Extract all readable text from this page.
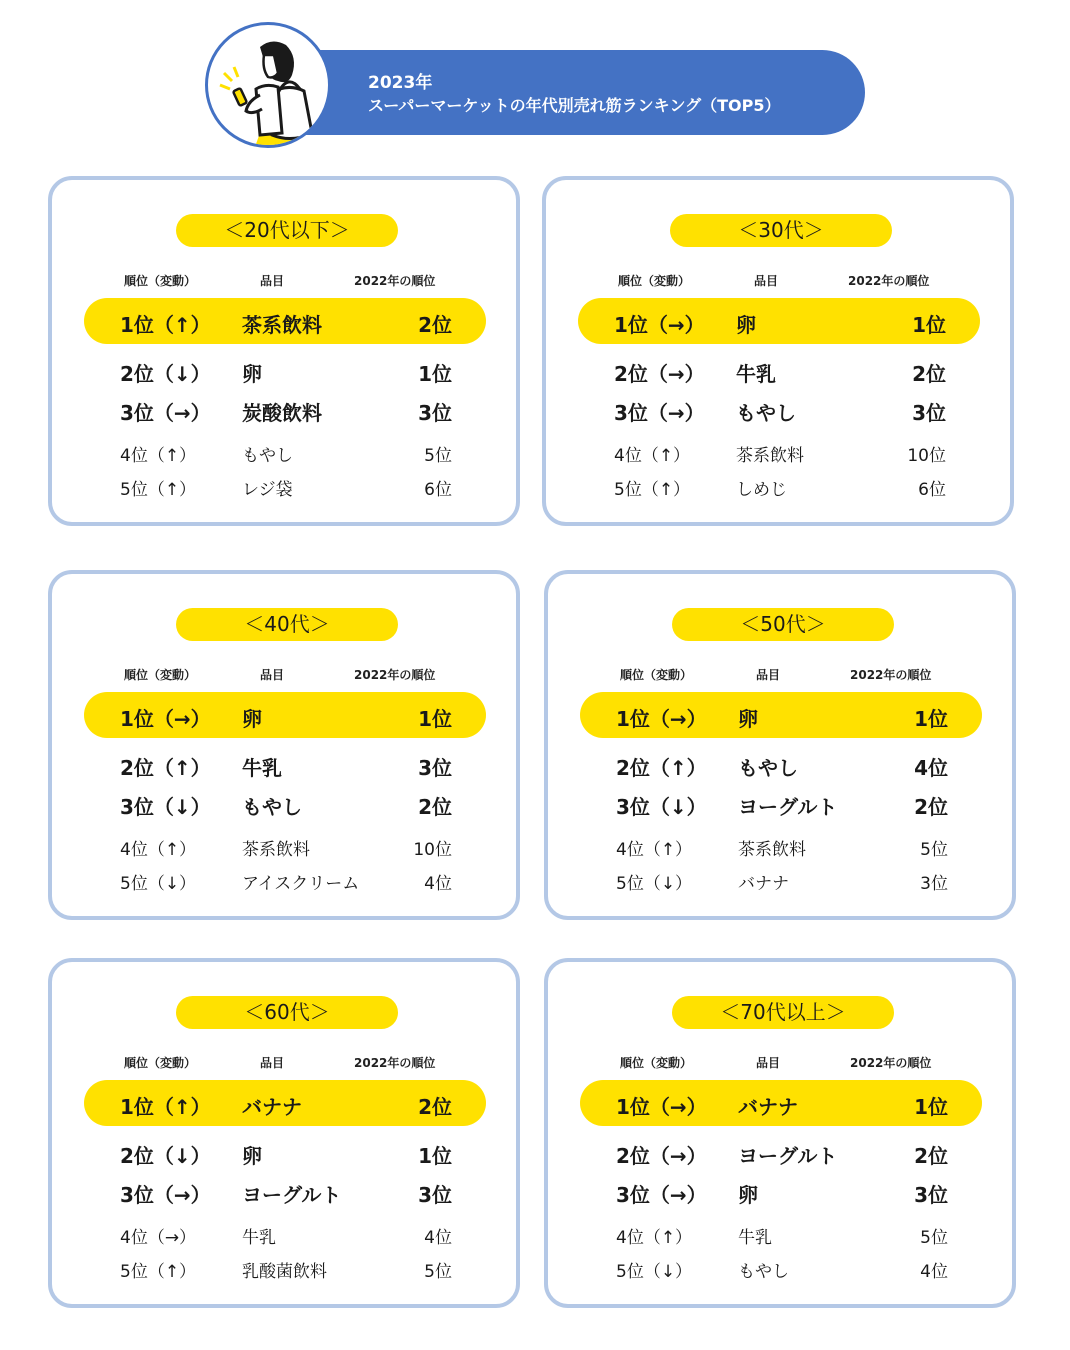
2023年
スーパーマーケットの年代別売れ筋ランキング（TOP5）
＜20代以下＞
順位（変動）	品目	2022年の順位
1位（↑） 茶系飲料	2位
2位（↓） 卵	1位
3位（→） 炭酸飲料	3位
4位（↑）	もやし	5位
5位（↑）	レジ袋	6位
＜30代＞
順位（変動）	品目	2022年の順位
1位（→） 卵	1位
2位（→） 牛乳	2位
3位（→） もやし	3位
4位（↑）	茶系飲料	10位
5位（↑）	しめじ	6位
＜40代＞
順位（変動）	品目	2022年の順位
1位（→） 卵	1位
2位（↑） 牛乳	3位
3位（↓） もやし	2位
4位（↑）	茶系飲料	10位
5位（↓）	アイスクリーム	4位
＜50代＞
順位（変動）	品目	2022年の順位
1位（→） 卵	1位
2位（↑） もやし	4位
3位（↓） ヨーグルト	2位
4位（↑）	茶系飲料	5位
5位（↓）	バナナ	3位
＜60代＞
順位（変動）	品目	2022年の順位
1位（↑） バナナ	2位
2位（↓） 卵	1位
3位（→） ヨーグルト	3位
4位（→）	牛乳	4位
5位（↑）	乳酸菌飲料	5位
＜70代以上＞
順位（変動）	品目	2022年の順位
1位（→） バナナ	1位
2位（→） ヨーグルト	2位
3位（→） 卵	3位
4位（↑）	牛乳	5位
5位（↓）	もやし	4位
